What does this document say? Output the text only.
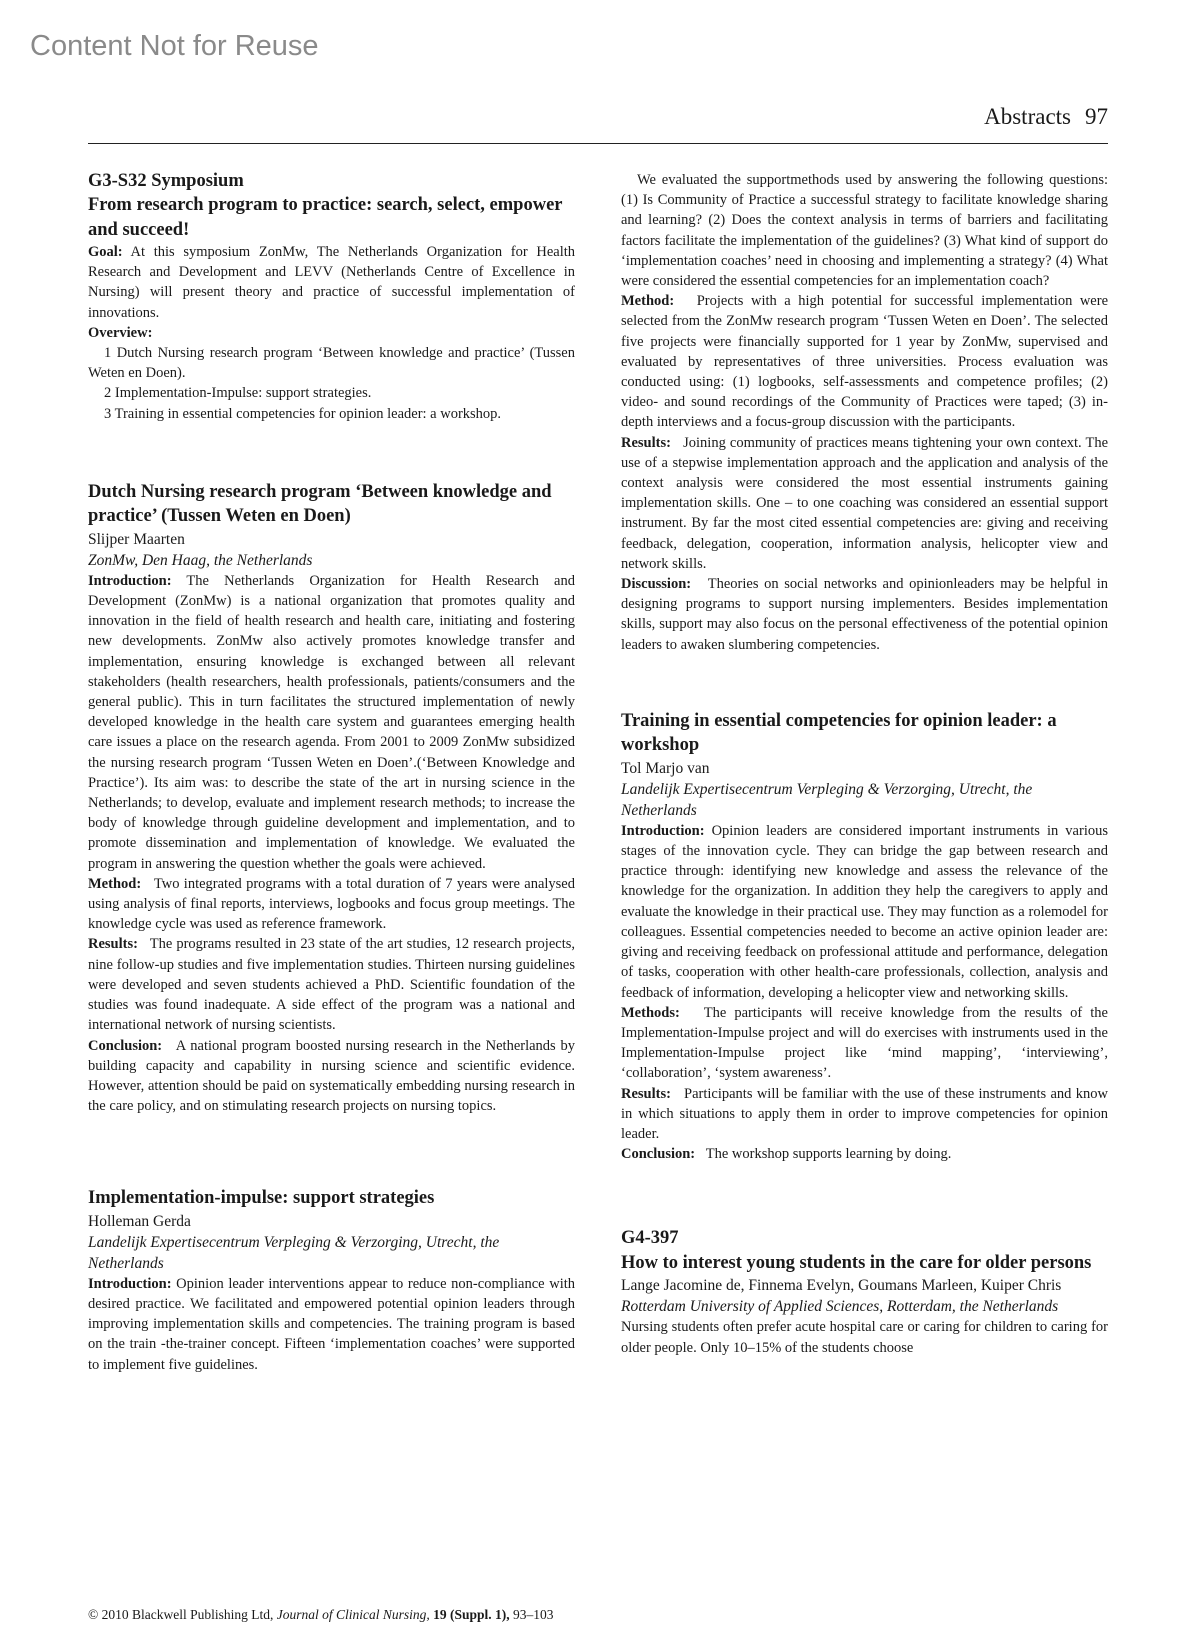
Content Not for Reuse
Abstracts 97

G3-S32 Symposium

From research program to practice: search, select, empower and succeed!

Goal: At this symposium ZonMw, The Netherlands Organization for Health Research and Development and LEVV (Netherlands Centre of Excellence in Nursing) will present theory and practice of successful implementation of innovations.

Overview:

1 Dutch Nursing research program ‘Between knowledge and practice’ (Tussen Weten en Doen).

2 Implementation-Impulse: support strategies.

3 Training in essential competencies for opinion leader: a workshop.

Dutch Nursing research program ‘Between knowledge and practice’ (Tussen Weten en Doen)

Slijper Maarten

ZonMw, Den Haag, the Netherlands

Introduction: The Netherlands Organization for Health Research and Development (ZonMw) is a national organization that promotes quality and innovation in the field of health research and health care, initiating and fostering new developments. ZonMw also actively promotes knowledge transfer and implementation, ensuring knowledge is exchanged between all relevant stakeholders (health researchers, health professionals, patients/consumers and the general public). This in turn facilitates the structured implementation of newly developed knowledge in the health care system and guarantees emerging health care issues a place on the research agenda. From 2001 to 2009 ZonMw subsidized the nursing research program ‘Tussen Weten en Doen’.(‘Between Knowledge and Practice’). Its aim was: to describe the state of the art in nursing science in the Netherlands; to develop, evaluate and implement research methods; to increase the body of knowledge through guideline development and implementation, and to promote dissemination and implementation of knowledge. We evaluated the program in answering the question whether the goals were achieved.

Method: Two integrated programs with a total duration of 7 years were analysed using analysis of final reports, interviews, logbooks and focus group meetings. The knowledge cycle was used as reference framework.

Results: The programs resulted in 23 state of the art studies, 12 research projects, nine follow-up studies and five implementation studies. Thirteen nursing guidelines were developed and seven students achieved a PhD. Scientific foundation of the studies was found inadequate. A side effect of the program was a national and international network of nursing scientists.

Conclusion: A national program boosted nursing research in the Netherlands by building capacity and capability in nursing science and scientific evidence. However, attention should be paid on systematically embedding nursing research in the care policy, and on stimulating research projects on nursing topics.

Implementation-impulse: support strategies

Holleman Gerda

Landelijk Expertisecentrum Verpleging & Verzorging, Utrecht, the Netherlands

Introduction: Opinion leader interventions appear to reduce non-compliance with desired practice. We facilitated and empowered potential opinion leaders through improving implementation skills and competencies. The training program is based on the train -the-trainer concept. Fifteen ‘implementation coaches’ were supported to implement five guidelines.

We evaluated the supportmethods used by answering the following questions: (1) Is Community of Practice a successful strategy to facilitate knowledge sharing and learning? (2) Does the context analysis in terms of barriers and facilitating factors facilitate the implementation of the guidelines? (3) What kind of support do ‘implementation coaches’ need in choosing and implementing a strategy? (4) What were considered the essential competencies for an implementation coach?

Method: Projects with a high potential for successful implementation were selected from the ZonMw research program ‘Tussen Weten en Doen’. The selected five projects were financially supported for 1 year by ZonMw, supervised and evaluated by representatives of three universities. Process evaluation was conducted using: (1) logbooks, self-assessments and competence profiles; (2) video- and sound recordings of the Community of Practices were taped; (3) in-depth interviews and a focus-group discussion with the participants.

Results: Joining community of practices means tightening your own context. The use of a stepwise implementation approach and the application and analysis of the context analysis were considered the most essential instruments gaining implementation skills. One – to one coaching was considered an essential support instrument. By far the most cited essential competencies are: giving and receiving feedback, delegation, cooperation, information analysis, helicopter view and network skills.

Discussion: Theories on social networks and opinionleaders may be helpful in designing programs to support nursing implementers. Besides implementation skills, support may also focus on the personal effectiveness of the potential opinion leaders to awaken slumbering competencies.

Training in essential competencies for opinion leader: a workshop

Tol Marjo van

Landelijk Expertisecentrum Verpleging & Verzorging, Utrecht, the Netherlands

Introduction: Opinion leaders are considered important instruments in various stages of the innovation cycle. They can bridge the gap between research and practice through: identifying new knowledge and assess the relevance of the knowledge for the organization. In addition they help the caregivers to apply and evaluate the knowledge in their practical use. They may function as a rolemodel for colleagues. Essential competencies needed to become an active opinion leader are: giving and receiving feedback on professional attitude and performance, delegation of tasks, cooperation with other health-care professionals, collection, analysis and feedback of information, developing a helicopter view and networking skills.

Methods: The participants will receive knowledge from the results of the Implementation-Impulse project and will do exercises with instruments used in the Implementation-Impulse project like ‘mind mapping’, ‘interviewing’, ‘collaboration’, ‘system awareness’.

Results: Participants will be familiar with the use of these instruments and know in which situations to apply them in order to improve competencies for opinion leader.

Conclusion: The workshop supports learning by doing.

G4-397

How to interest young students in the care for older persons

Lange Jacomine de, Finnema Evelyn, Goumans Marleen, Kuiper Chris

Rotterdam University of Applied Sciences, Rotterdam, the Netherlands

Nursing students often prefer acute hospital care or caring for children to caring for older people. Only 10–15% of the students choose

© 2010 Blackwell Publishing Ltd, Journal of Clinical Nursing, 19 (Suppl. 1), 93–103
